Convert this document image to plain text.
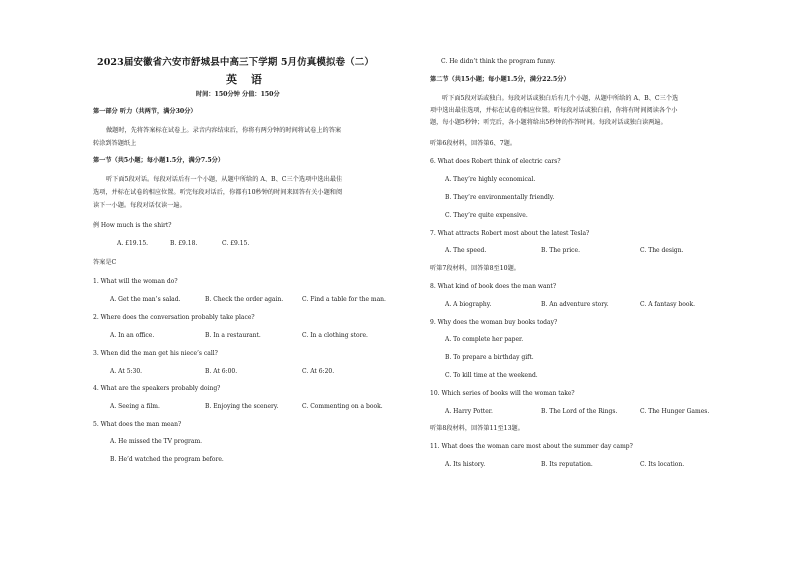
2023届安徽省六安市舒城县中高三下学期 5月仿真模拟卷（二）
英 语
时间：150分钟 分值：150分
第一部分 听力（共两节，满分30分）
做题时，先将答案标在试卷上。录音内容结束后，你将有两分钟的时间将试卷上的答案
转涂到答题纸上
第一节（共5小题；每小题1.5分，满分7.5分）
听下面5段对话。每段对话后有一个小题，从题中所给的 A、B、C三个选项中选出最佳
选项，并标在试卷的相应位置。听完每段对话后，你都有10秒钟的时间来回答有关小题和阅
读下一小题。每段对话仅读一遍。
例 How much is the shirt?
A. £19.15.	B. £9.18.	C. £9.15.
答案是C
1. What will the woman do?
A. Get the man’s salad.	B. Check the order again.	C. Find a table for the man.
2. Where does the conversation probably take place?
A. In an office.	B. In a restaurant.	C. In a clothing store.
3. When did the man get his niece’s call?
A. At 5:30.	B. At 6:00.	C. At 6:20.
4. What are the speakers probably doing?
A. Seeing a film.	B. Enjoying the scenery.	C. Commenting on a book.
5. What does the man mean?
A. He missed the TV program.
B. He’d watched the program before.
C. He didn’t think the program funny.
第二节（共15小题；每小题1.5分，满分22.5分）
听下面5段对话或独白。每段对话或独白后有几个小题，从题中所给的 A、B、C三个选
项中选出最佳选项，并标在试卷的相应位置。听每段对话或独白前，你将有时间阅读各个小
题，每小题5秒钟；听完后，各小题将给出5秒钟的作答时间。每段对话或独白读两遍。
听第6段材料，回答第6、7题。
6. What does Robert think of electric cars?
A. They’re highly economical.
B. They’re environmentally friendly.
C. They’re quite expensive.
7. What attracts Robert most about the latest Tesla?
A. The speed.	B. The price.	C. The design.
听第7段材料，回答第8至10题。
8. What kind of book does the man want?
A. A biography.	B. An adventure story.	C. A fantasy book.
9. Why does the woman buy books today?
A. To complete her paper.
B. To prepare a birthday gift.
C. To kill time at the weekend.
10. Which series of books will the woman take?
A. Harry Potter.	B. The Lord of the Rings.	C. The Hunger Games.
听第8段材料，回答第11至13题。
11. What does the woman care most about the summer day camp?
A. Its history.	B. Its reputation.	C. Its location.
